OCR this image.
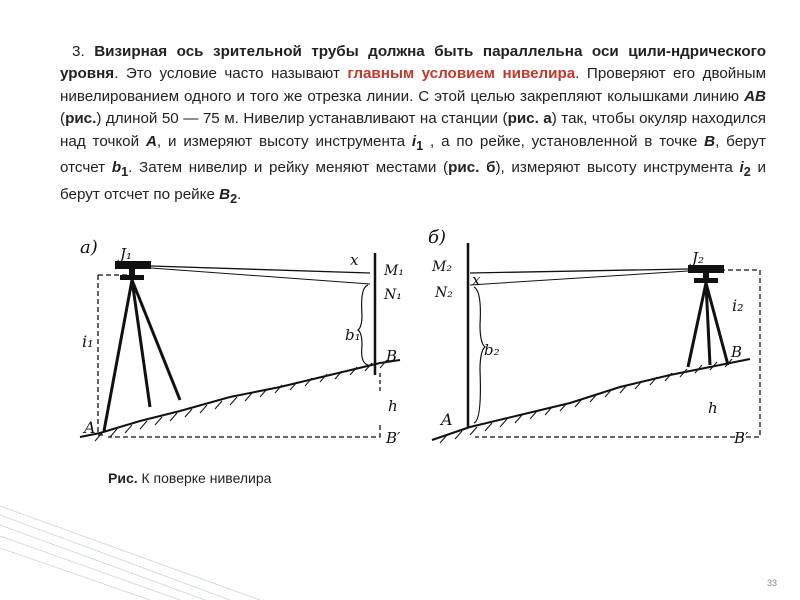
3. Визирная ось зрительной трубы должна быть параллельна оси цили-ндрического уровня. Это условие часто называют главным условием нивелира. Проверяют его двойным нивелированием одного и того же отрезка линии. С этой целью закрепляют колышками линию АВ (рис.) длиной 50 — 75 м. Нивелир устанавливают на станции (рис. а) так, чтобы окуляр находился над точкой А, и измеряют высоту инструмента $i_1$ , а по рейке, установленной в точке В, берут отсчет $b_1$. Затем нивелир и рейку меняют местами (рис. б), измеряют высоту инструмента $i_2$ и берут отсчет по рейке $В_2$.
a) J₁	x
M₁
N₁
i₁	b₁
B
A
h
B′
б)
M₂
N₂
x
J₂
i₂
b₂	B
A
h
B′
Рис. К поверке нивелира
33
